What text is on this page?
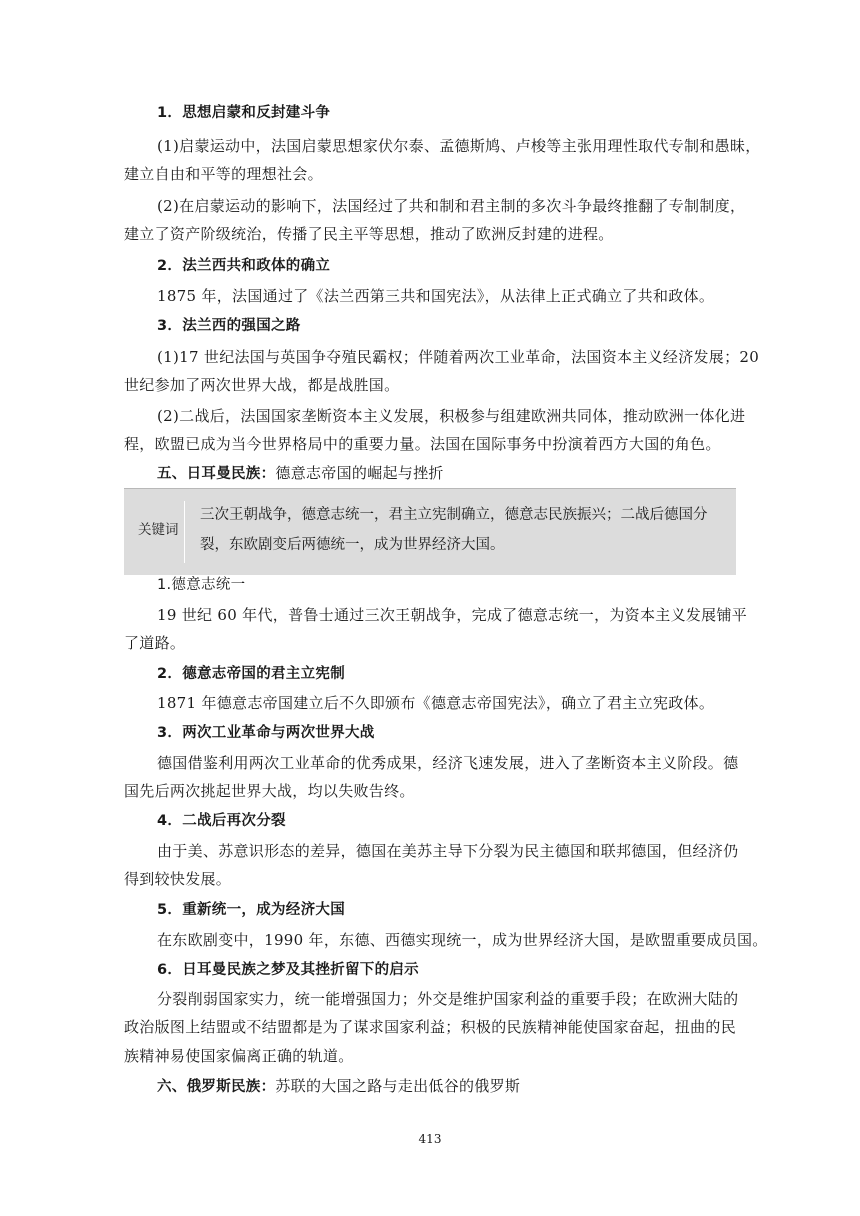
1．思想启蒙和反封建斗争
(1)启蒙运动中，法国启蒙思想家伏尔泰、孟德斯鸠、卢梭等主张用理性取代专制和愚昧，
建立自由和平等的理想社会。
(2)在启蒙运动的影响下，法国经过了共和制和君主制的多次斗争最终推翻了专制制度，
建立了资产阶级统治，传播了民主平等思想，推动了欧洲反封建的进程。
2．法兰西共和政体的确立
1875 年，法国通过了《法兰西第三共和国宪法》，从法律上正式确立了共和政体。
3．法兰西的强国之路
(1)17 世纪法国与英国争夺殖民霸权；伴随着两次工业革命，法国资本主义经济发展；20
世纪参加了两次世界大战，都是战胜国。
(2)二战后，法国国家垄断资本主义发展，积极参与组建欧洲共同体，推动欧洲一体化进
程，欧盟已成为当今世界格局中的重要力量。法国在国际事务中扮演着西方大国的角色。
五、日耳曼民族：德意志帝国的崛起与挫折
关键词
三次王朝战争，德意志统一，君主立宪制确立，德意志民族振兴；二战后德国分
裂，东欧剧变后两德统一，成为世界经济大国。
1.德意志统一
19 世纪 60 年代，普鲁士通过三次王朝战争，完成了德意志统一，为资本主义发展铺平
了道路。
2．德意志帝国的君主立宪制
1871 年德意志帝国建立后不久即颁布《德意志帝国宪法》，确立了君主立宪政体。
3．两次工业革命与两次世界大战
德国借鉴利用两次工业革命的优秀成果，经济飞速发展，进入了垄断资本主义阶段。德
国先后两次挑起世界大战，均以失败告终。
4．二战后再次分裂
由于美、苏意识形态的差异，德国在美苏主导下分裂为民主德国和联邦德国，但经济仍
得到较快发展。
5．重新统一，成为经济大国
在东欧剧变中，1990 年，东德、西德实现统一，成为世界经济大国，是欧盟重要成员国。
6．日耳曼民族之梦及其挫折留下的启示
分裂削弱国家实力，统一能增强国力；外交是维护国家利益的重要手段；在欧洲大陆的
政治版图上结盟或不结盟都是为了谋求国家利益；积极的民族精神能使国家奋起，扭曲的民
族精神易使国家偏离正确的轨道。
六、俄罗斯民族：苏联的大国之路与走出低谷的俄罗斯
413
